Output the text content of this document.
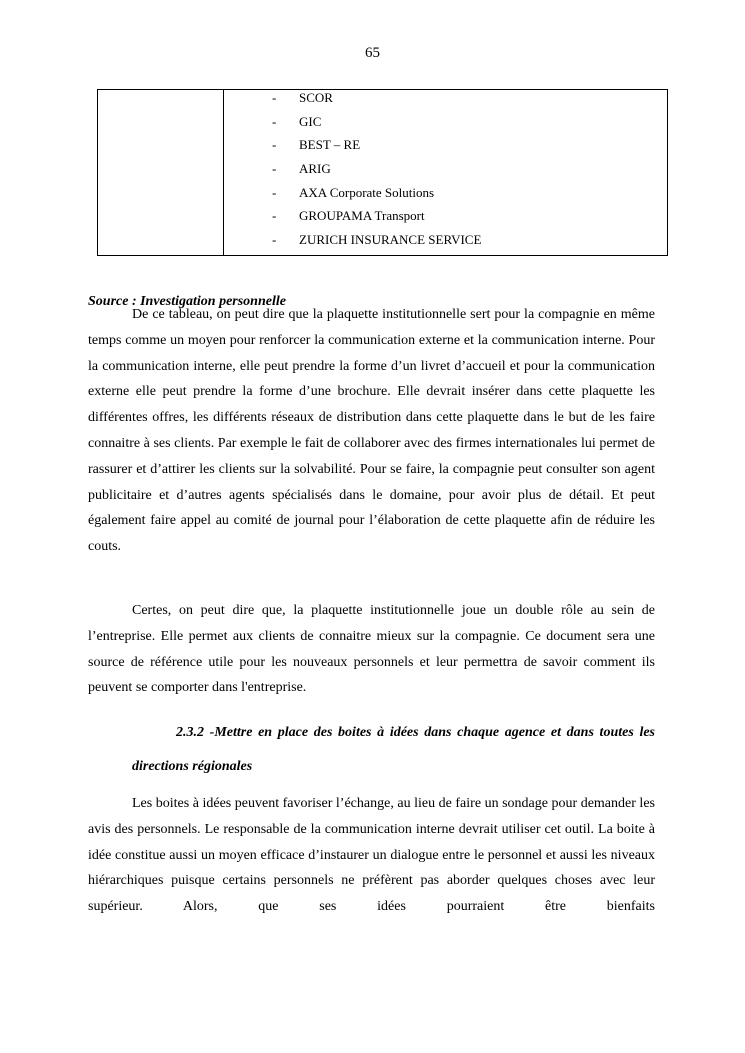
65
-	SCOR
-	GIC
-	BEST – RE
-	ARIG
-	AXA Corporate Solutions
-	GROUPAMA Transport
-	ZURICH INSURANCE SERVICE
Source : Investigation personnelle

De ce tableau, on peut dire que la plaquette institutionnelle sert pour la compagnie en même temps comme un moyen pour renforcer la communication externe et la communication interne. Pour la communication interne, elle peut prendre la forme d’un livret d’accueil et pour la communication externe elle peut prendre la forme d’une brochure. Elle devrait insérer dans cette plaquette les différentes offres, les différents réseaux de distribution dans cette plaquette dans le but de les faire connaitre à ses clients. Par exemple le fait de collaborer avec des firmes internationales lui permet de rassurer et d’attirer les clients sur la solvabilité. Pour se faire, la compagnie peut consulter son agent publicitaire et d’autres agents spécialisés dans le domaine, pour avoir plus de détail. Et peut également faire appel au comité de journal pour l’élaboration de cette plaquette afin de réduire les couts.

Certes, on peut dire que, la plaquette institutionnelle joue un double rôle au sein de l’entreprise. Elle permet aux clients de connaitre mieux sur la compagnie. Ce document sera une source de référence utile pour les nouveaux personnels et leur permettra de savoir comment ils peuvent se comporter dans l'entreprise.

2.3.2 -Mettre en place des boites à idées dans chaque agence et dans toutes les directions régionales

Les boites à idées peuvent favoriser l’échange, au lieu de faire un sondage pour demander les avis des personnels. Le responsable de la communication interne devrait utiliser cet outil. La boite à idée constitue aussi un moyen efficace d’instaurer un dialogue entre le personnel et aussi les niveaux hiérarchiques puisque certains personnels ne préfèrent pas aborder quelques choses avec leur supérieur. Alors, que ses idées pourraient être bienfaits
